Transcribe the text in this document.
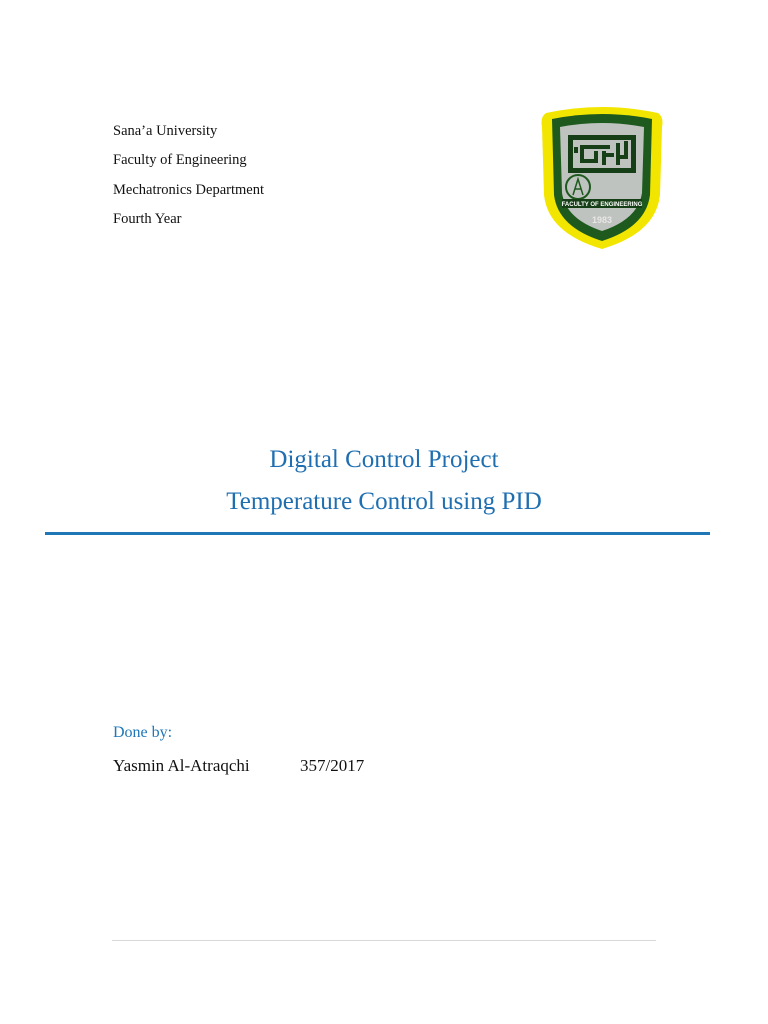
Sana’a University
Faculty of Engineering
Mechatronics Department
Fourth Year
FACULTY OF ENGINEERING
1983
Digital Control Project
Temperature Control using PID
Done by:
Yasmin Al-Atraqchi	357/2017
